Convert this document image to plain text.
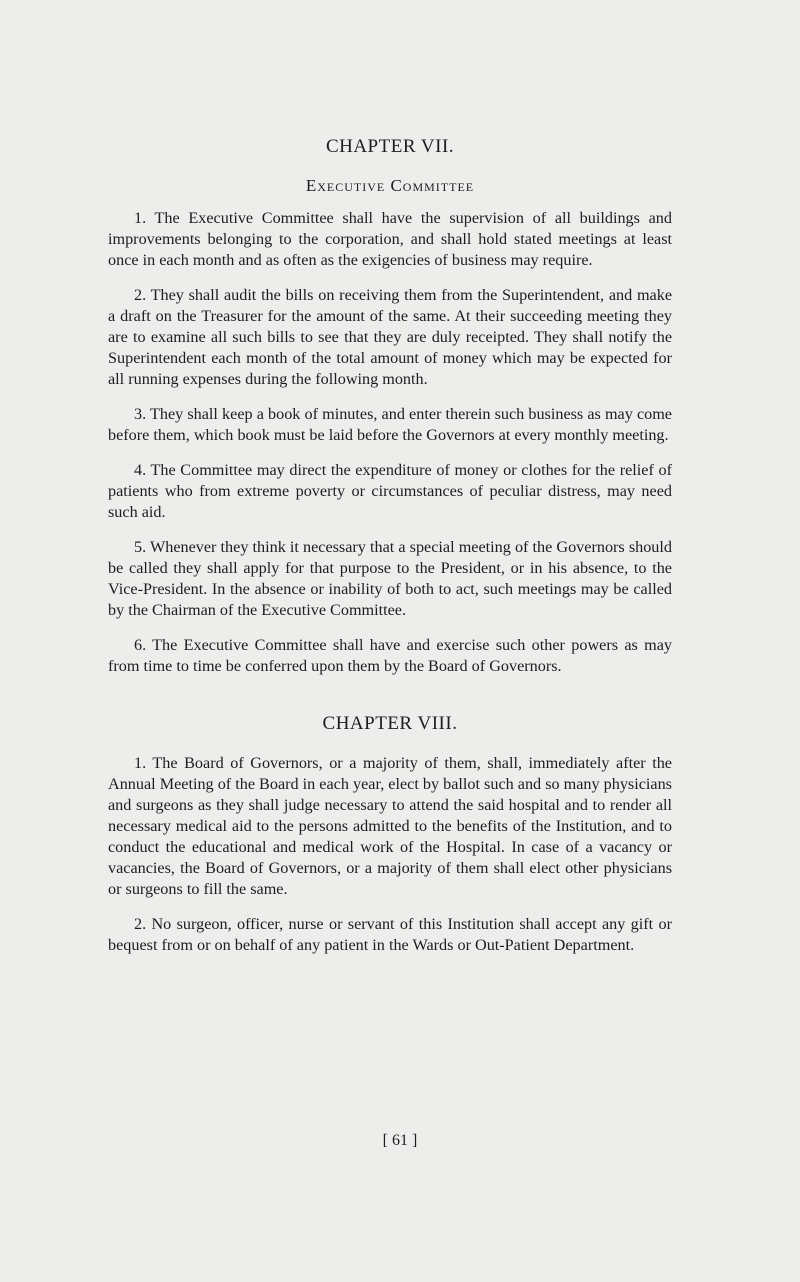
CHAPTER VII.
Executive Committee

1. The Executive Committee shall have the supervision of all buildings and improvements belonging to the corporation, and shall hold stated meetings at least once in each month and as often as the exigencies of business may require.

2. They shall audit the bills on receiving them from the Superintendent, and make a draft on the Treasurer for the amount of the same. At their succeeding meeting they are to examine all such bills to see that they are duly receipted. They shall notify the Superintendent each month of the total amount of money which may be expected for all running expenses during the following month.

3. They shall keep a book of minutes, and enter therein such business as may come before them, which book must be laid before the Governors at every monthly meeting.

4. The Committee may direct the expenditure of money or clothes for the relief of patients who from extreme poverty or circumstances of peculiar distress, may need such aid.

5. Whenever they think it necessary that a special meeting of the Governors should be called they shall apply for that purpose to the President, or in his absence, to the Vice-President. In the absence or inability of both to act, such meetings may be called by the Chairman of the Executive Committee.

6. The Executive Committee shall have and exercise such other powers as may from time to time be conferred upon them by the Board of Governors.

CHAPTER VIII.

1. The Board of Governors, or a majority of them, shall, immediately after the Annual Meeting of the Board in each year, elect by ballot such and so many physicians and surgeons as they shall judge necessary to attend the said hospital and to render all necessary medical aid to the persons admitted to the benefits of the Institution, and to conduct the educational and medical work of the Hospital. In case of a vacancy or vacancies, the Board of Governors, or a majority of them shall elect other physicians or surgeons to fill the same.

2. No surgeon, officer, nurse or servant of this Institution shall accept any gift or bequest from or on behalf of any patient in the Wards or Out-Patient Department.

[ 61 ]
